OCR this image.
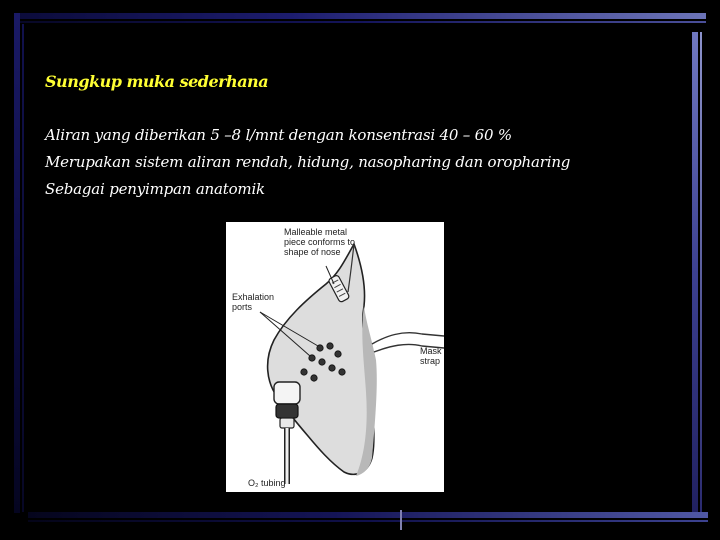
Sungkup muka sederhana
Aliran yang diberikan 5 –8 l/mnt dengan konsentrasi 40 – 60 %
Merupakan sistem aliran rendah, hidung, nasopharing dan oropharing
Sebagai penyimpan anatomik
Malleable metal piece conforms to shape of nose
Exhalation ports
Mask strap
O₂ tubing
